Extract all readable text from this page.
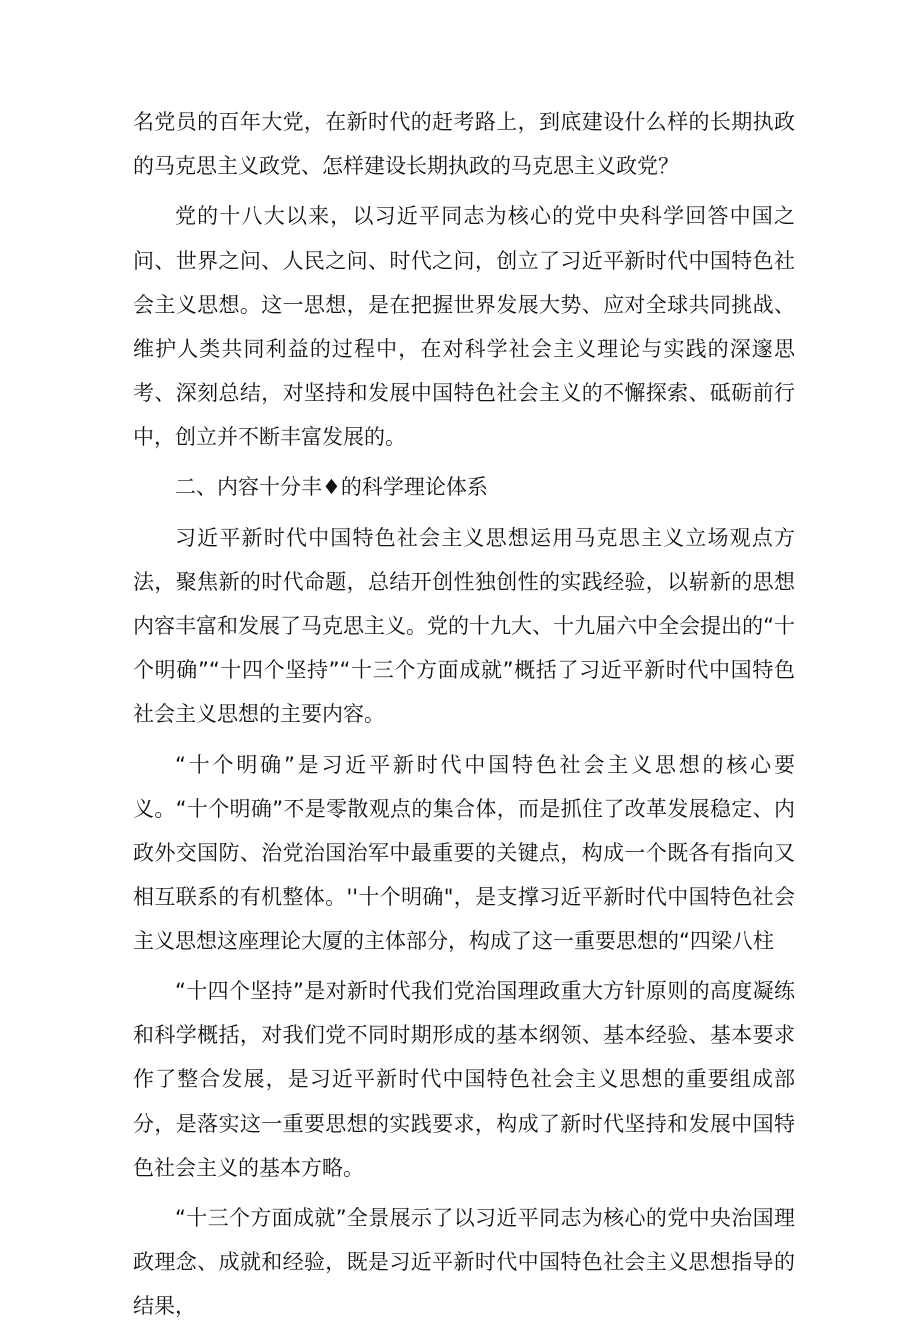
名党员的百年大党，在新时代的赶考路上，到底建设什么样的长期执政的马克思主义政党、怎样建设长期执政的马克思主义政党？

党的十八大以来，以习近平同志为核心的党中央科学回答中国之问、世界之问、人民之问、时代之问，创立了习近平新时代中国特色社会主义思想。这一思想，是在把握世界发展大势、应对全球共同挑战、维护人类共同利益的过程中，在对科学社会主义理论与实践的深邃思考、深刻总结，对坚持和发展中国特色社会主义的不懈探索、砥砺前行中，创立并不断丰富发展的。

二、内容十分丰♦的科学理论体系

习近平新时代中国特色社会主义思想运用马克思主义立场观点方法，聚焦新的时代命题，总结开创性独创性的实践经验，以崭新的思想内容丰富和发展了马克思主义。党的十九大、十九届六中全会提出的“十个明确”“十四个坚持”“十三个方面成就”概括了习近平新时代中国特色社会主义思想的主要内容。

“十个明确”是习近平新时代中国特色社会主义思想的核心要义。“十个明确”不是零散观点的集合体，而是抓住了改革发展稳定、内政外交国防、治党治国治军中最重要的关键点，构成一个既各有指向又相互联系的有机整体。''十个明确"，是支撑习近平新时代中国特色社会主义思想这座理论大厦的主体部分，构成了这一重要思想的“四梁八柱

“十四个坚持”是对新时代我们党治国理政重大方针原则的高度凝练和科学概括，对我们党不同时期形成的基本纲领、基本经验、基本要求作了整合发展，是习近平新时代中国特色社会主义思想的重要组成部分，是落实这一重要思想的实践要求，构成了新时代坚持和发展中国特色社会主义的基本方略。

“十三个方面成就”全景展示了以习近平同志为核心的党中央治国理政理念、成就和经验，既是习近平新时代中国特色社会主义思想指导的结果，
